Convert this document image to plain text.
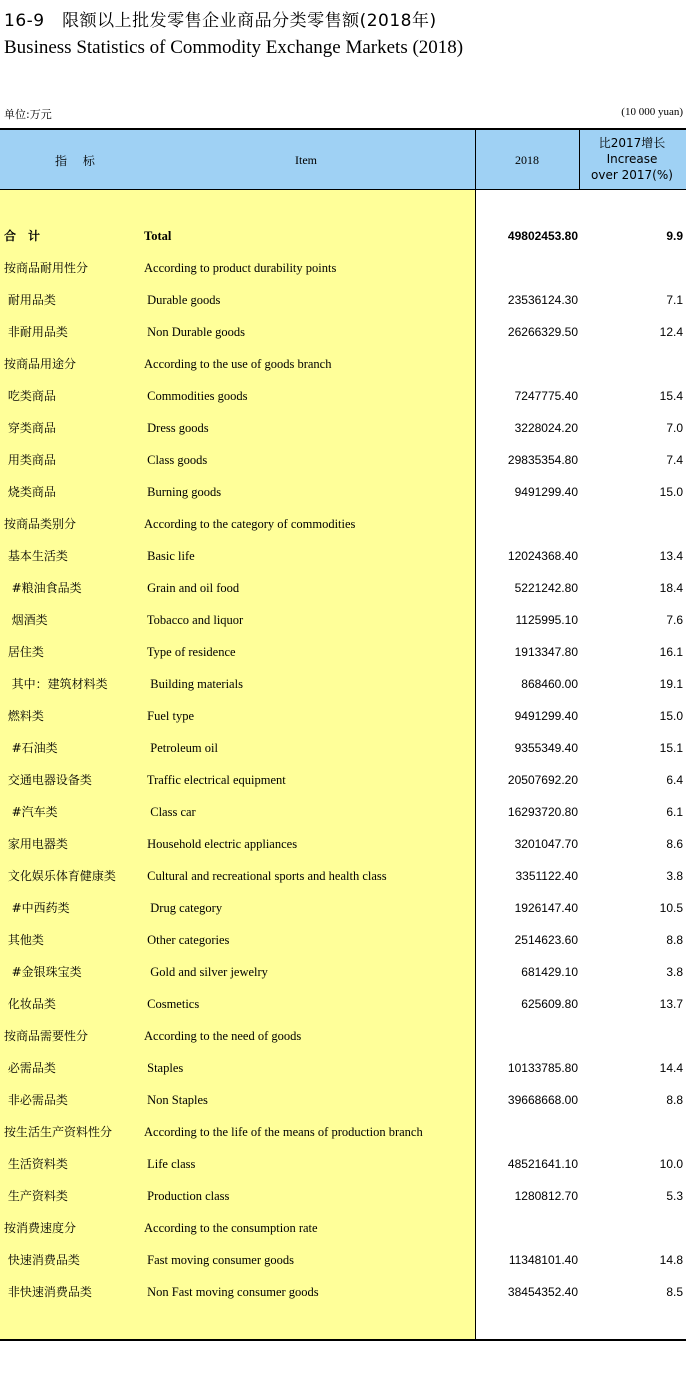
16-9　限额以上批发零售企业商品分类零售额(2018年)
Business Statistics of Commodity Exchange Markets (2018)
单位:万元	(10 000 yuan)
指 标	Item	2018
比2017增长
Increase
over 2017(%)
合　计	Total	49802453.80	9.9
按商品耐用性分	According to product durability points
耐用品类	Durable goods	23536124.30	7.1
非耐用品类	Non Durable goods	26266329.50	12.4
按商品用途分	According to the use of goods branch
吃类商品	Commodities goods	7247775.40	15.4
穿类商品	Dress goods	3228024.20	7.0
用类商品	Class goods	29835354.80	7.4
烧类商品	Burning goods	9491299.40	15.0
按商品类别分	According to the category of commodities
基本生活类	Basic life	12024368.40	13.4
#粮油食品类	Grain and oil food	5221242.80	18.4
烟酒类	Tobacco and liquor	1125995.10	7.6
居住类	Type of residence	1913347.80	16.1
其中：建筑材料类	Building materials	868460.00	19.1
燃料类	Fuel type	9491299.40	15.0
#石油类	Petroleum oil	9355349.40	15.1
交通电器设备类	Traffic electrical equipment	20507692.20	6.4
#汽车类	Class car	16293720.80	6.1
家用电器类	Household electric appliances	3201047.70	8.6
文化娱乐体育健康类 Cultural and recreational sports and health class	3351122.40	3.8
#中西药类	Drug category	1926147.40	10.5
其他类	Other categories	2514623.60	8.8
#金银珠宝类	Gold and silver jewelry	681429.10	3.8
化妆品类	Cosmetics	625609.80	13.7
按商品需要性分	According to the need of goods
必需品类	Staples	10133785.80	14.4
非必需品类	Non Staples	39668668.00	8.8
按生活生产资料性分	According to the life of the means of production branch
生活资料类	Life class	48521641.10	10.0
生产资料类	Production class	1280812.70	5.3
按消费速度分	According to the consumption rate
快速消费品类	Fast moving consumer goods	11348101.40	14.8
非快速消费品类	Non Fast moving consumer goods	38454352.40	8.5
